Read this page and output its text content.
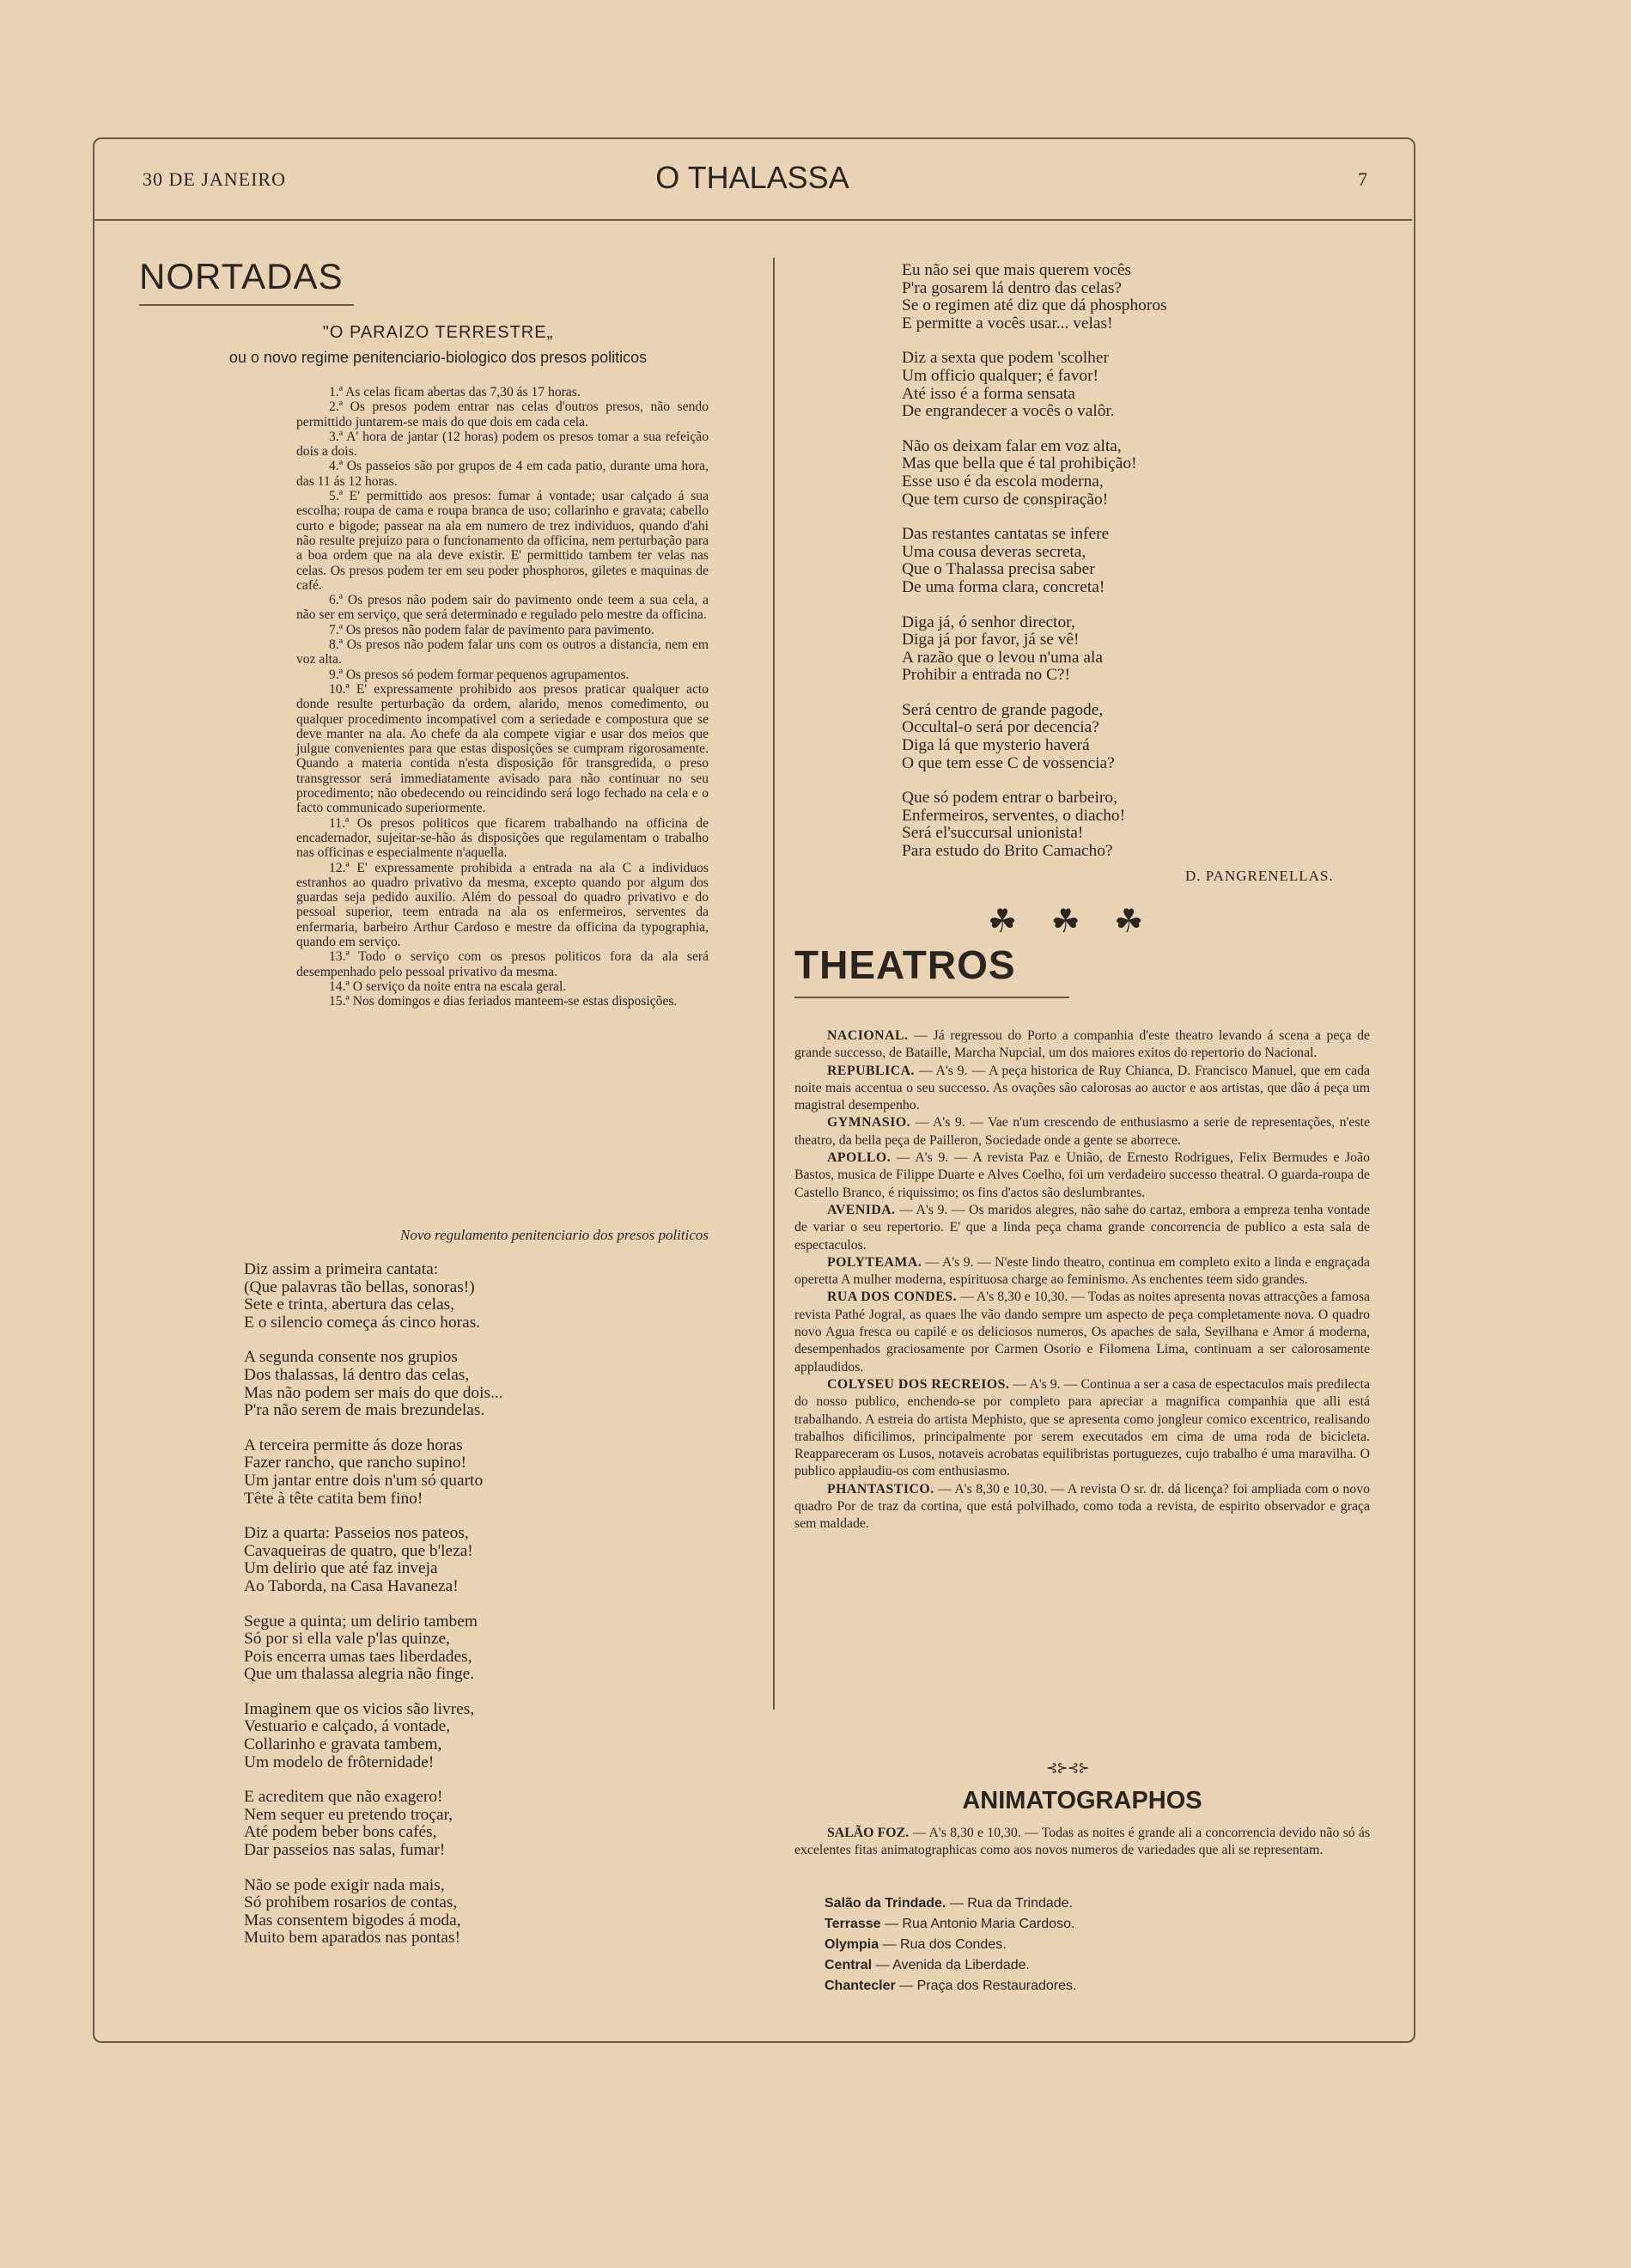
30 DE JANEIRO	O THALASSA	7
NORTADAS
"O PARAIZO TERRESTRE„
ou o novo regime penitenciario-biologico dos presos politicos

1.ª As celas ficam abertas das 7,30 ás 17 horas.

2.ª Os presos podem entrar nas celas d'outros presos, não sendo permittido juntarem-se mais do que dois em cada cela.

3.ª A' hora de jantar (12 horas) podem os presos tomar a sua refeição dois a dois.

4.ª Os passeios são por grupos de 4 em cada patio, durante uma hora, das 11 ás 12 horas.

5.ª E' permittido aos presos: fumar á vontade; usar calçado á sua escolha; roupa de cama e roupa branca de uso; collarinho e gravata; cabello curto e bigode; passear na ala em numero de trez individuos, quando d'ahi não resulte prejuizo para o funcionamento da officina, nem perturbação para a boa ordem que na ala deve existir. E' permittido tambem ter velas nas celas. Os presos podem ter em seu poder phosphoros, giletes e maquinas de café.

6.ª Os presos não podem sair do pavimento onde teem a sua cela, a não ser em serviço, que será determinado e regulado pelo mestre da officina.

7.ª Os presos não podem falar de pavimento para pavimento.

8.ª Os presos não podem falar uns com os outros a distancia, nem em voz alta.

9.ª Os presos só podem formar pequenos agrupamentos.

10.ª E' expressamente prohibido aos presos praticar qualquer acto donde resulte perturbação da ordem, alarido, menos comedimento, ou qualquer procedimento incompativel com a seriedade e compostura que se deve manter na ala. Ao chefe da ala compete vigiar e usar dos meios que julgue convenientes para que estas disposições se cumpram rigorosamente. Quando a materia contida n'esta disposição fôr transgredida, o preso transgressor será immediatamente avisado para não continuar no seu procedimento; não obedecendo ou reincidindo será logo fechado na cela e o facto communicado superiormente.

11.ª Os presos politicos que ficarem trabalhando na officina de encadernador, sujeitar-se-hão ás disposições que regulamentam o trabalho nas officinas e especialmente n'aquella.

12.ª E' expressamente prohibida a entrada na ala C a individuos estranhos ao quadro privativo da mesma, excepto quando por algum dos guardas seja pedido auxilio. Além do pessoal do quadro privativo e do pessoal superior, teem entrada na ala os enfermeiros, serventes da enfermaria, barbeiro Arthur Cardoso e mestre da officina da typographia, quando em serviço.

13.ª Todo o serviço com os presos politicos fora da ala será desempenhado pelo pessoal privativo da mesma.

14.ª O serviço da noite entra na escala geral.

15.ª Nos domingos e dias feriados manteem-se estas disposições.

Novo regulamento penitenciario dos presos politicos

Diz assim a primeira cantata:
(Que palavras tão bellas, sonoras!)
Sete e trinta, abertura das celas,
E o silencio começa ás cinco horas.

A segunda consente nos grupios
Dos thalassas, lá dentro das celas,
Mas não podem ser mais do que dois...
P'ra não serem de mais brezundelas.

A terceira permitte ás doze horas
Fazer rancho, que rancho supino!
Um jantar entre dois n'um só quarto
Tête à tête catita bem fino!

Diz a quarta: Passeios nos pateos,
Cavaqueiras de quatro, que b'leza!
Um delirio que até faz inveja
Ao Taborda, na Casa Havaneza!

Segue a quinta; um delirio tambem
Só por si ella vale p'las quinze,
Pois encerra umas taes liberdades,
Que um thalassa alegria não finge.

Imaginem que os vicios são livres,
Vestuario e calçado, á vontade,
Collarinho e gravata tambem,
Um modelo de frôternidade!

E acreditem que não exagero!
Nem sequer eu pretendo troçar,
Até podem beber bons cafés,
Dar passeios nas salas, fumar!

Não se pode exigir nada mais,
Só prohibem rosarios de contas,
Mas consentem bigodes á moda,
Muito bem aparados nas pontas!

Eu não sei que mais querem vocês
P'ra gosarem lá dentro das celas?
Se o regimen até diz que dá phosphoros
E permitte a vocês usar... velas!

Diz a sexta que podem 'scolher
Um officio qualquer; é favor!
Até isso é a forma sensata
De engrandecer a vocês o valôr.

Não os deixam falar em voz alta,
Mas que bella que é tal prohibição!
Esse uso é da escola moderna,
Que tem curso de conspiração!

Das restantes cantatas se infere
Uma cousa deveras secreta,
Que o Thalassa precisa saber
De uma forma clara, concreta!

Diga já, ó senhor director,
Diga já por favor, já se vê!
A razão que o levou n'uma ala
Prohibir a entrada no C?!

Será centro de grande pagode,
Occultal-o será por decencia?
Diga lá que mysterio haverá
O que tem esse C de vossencia?

Que só podem entrar o barbeiro,
Enfermeiros, serventes, o diacho!
Será el'succursal unionista!
Para estudo do Brito Camacho?

D. PANGRENELLAS.
☘ ☘ ☘
THEATROS

NACIONAL. — Já regressou do Porto a companhia d'este theatro levando á scena a peça de grande successo, de Bataille, Marcha Nupcial, um dos maiores exitos do repertorio do Nacional.

REPUBLICA. — A's 9. — A peça historica de Ruy Chianca, D. Francisco Manuel, que em cada noite mais accentua o seu successo. As ovações são calorosas ao auctor e aos artistas, que dão á peça um magistral desempenho.

GYMNASIO. — A's 9. — Vae n'um crescendo de enthusiasmo a serie de representações, n'este theatro, da bella peça de Pailleron, Sociedade onde a gente se aborrece.

APOLLO. — A's 9. — A revista Paz e União, de Ernesto Rodrigues, Felix Bermudes e João Bastos, musica de Filippe Duarte e Alves Coelho, foi um verdadeiro successo theatral. O guarda-roupa de Castello Branco, é riquissimo; os fins d'actos são deslumbrantes.

AVENIDA. — A's 9. — Os maridos alegres, não sahe do cartaz, embora a empreza tenha vontade de variar o seu repertorio. E' que a linda peça chama grande concorrencia de publico a esta sala de espectaculos.

POLYTEAMA. — A's 9. — N'este lindo theatro, continua em completo exito a linda e engraçada operetta A mulher moderna, espirituosa charge ao feminismo. As enchentes teem sido grandes.

RUA DOS CONDES. — A's 8,30 e 10,30. — Todas as noites apresenta novas attracções a famosa revista Pathé Jogral, as quaes lhe vão dando sempre um aspecto de peça completamente nova. O quadro novo Agua fresca ou capilé e os deliciosos numeros, Os apaches de sala, Sevilhana e Amor á moderna, desempenhados graciosamente por Carmen Osorio e Filomena Lima, continuam a ser calorosamente applaudidos.

COLYSEU DOS RECREIOS. — A's 9. — Continua a ser a casa de espectaculos mais predilecta do nosso publico, enchendo-se por completo para apreciar a magnifica companhia que alli está trabalhando. A estreia do artista Mephisto, que se apresenta como jongleur comico excentrico, realisando trabalhos dificilimos, principalmente por serem executados em cima de uma roda de bicicleta. Reappareceram os Lusos, notaveis acrobatas equilibristas portuguezes, cujo trabalho é uma maravilha. O publico applaudiu-os com enthusiasmo.

PHANTASTICO. — A's 8,30 e 10,30. — A revista O sr. dr. dá licença? foi ampliada com o novo quadro Por de traz da cortina, que está polvilhado, como toda a revista, de espirito observador e graça sem maldade.

⊰⊱⊰⊱
ANIMATOGRAPHOS

SALÃO FOZ. — A's 8,30 e 10,30. — Todas as noites é grande ali a concorrencia devido não só ás excelentes fitas animatographicas como aos novos numeros de variedades que ali se representam.

Salão da Trindade. — Rua da Trindade.
Terrasse — Rua Antonio Maria Cardoso.
Olympia — Rua dos Condes.
Central — Avenida da Liberdade.
Chantecler — Praça dos Restauradores.
